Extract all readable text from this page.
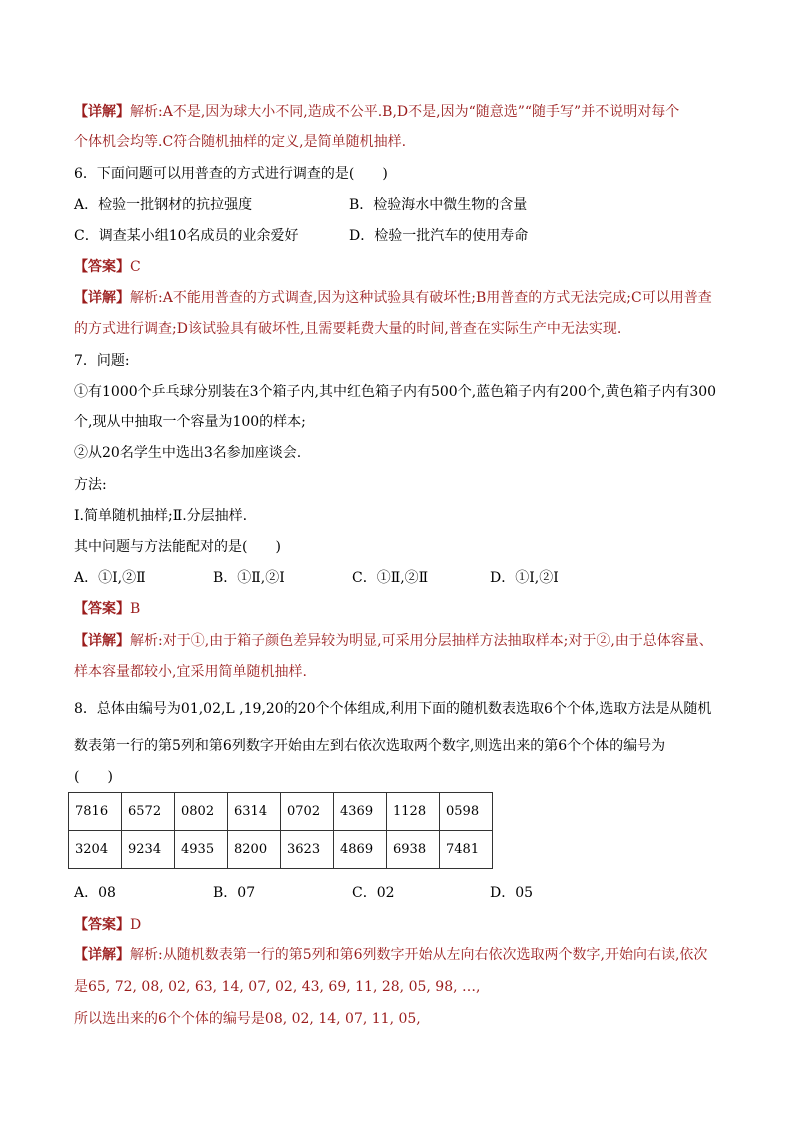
【详解】解析:A不是,因为球大小不同,造成不公平.B,D不是,因为“随意选”“随手写”并不说明对每个
个体机会均等.C符合随机抽样的定义,是简单随机抽样.
6．下面问题可以用普查的方式进行调查的是(　　)
A．检验一批钢材的抗拉强度	B．检验海水中微生物的含量
C．调查某小组10名成员的业余爱好	D．检验一批汽车的使用寿命
【答案】C
【详解】解析:A不能用普查的方式调查,因为这种试验具有破坏性;B用普查的方式无法完成;C可以用普查
的方式进行调查;D该试验具有破坏性,且需要耗费大量的时间,普查在实际生产中无法实现.
7．问题:
①有1000个乒乓球分别装在3个箱子内,其中红色箱子内有500个,蓝色箱子内有200个,黄色箱子内有300
个,现从中抽取一个容量为100的样本;
②从20名学生中选出3名参加座谈会.
方法:
Ⅰ.简单随机抽样;Ⅱ.分层抽样.
其中问题与方法能配对的是(　　)
A．①Ⅰ,②Ⅱ	B．①Ⅱ,②Ⅰ	C．①Ⅱ,②Ⅱ	D．①Ⅰ,②Ⅰ
【答案】B
【详解】解析:对于①,由于箱子颜色差异较为明显,可采用分层抽样方法抽取样本;对于②,由于总体容量、
样本容量都较小,宜采用简单随机抽样.
8．总体由编号为01,02,L ,19,20的20个个体组成,利用下面的随机数表选取6个个体,选取方法是从随机
数表第一行的第5列和第6列数字开始由左到右依次选取两个数字,则选出来的第6个个体的编号为
(　　)
7816	6572	0802	6314	0702	4369	1128	0598
3204	9234	4935	8200	3623	4869	6938	7481
A．08	B．07	C．02	D．05
【答案】D
【详解】解析:从随机数表第一行的第5列和第6列数字开始从左向右依次选取两个数字,开始向右读,依次
是65, 72, 08, 02, 63, 14, 07, 02, 43, 69, 11, 28, 05, 98, …,
所以选出来的6个个体的编号是08, 02, 14, 07, 11, 05,
